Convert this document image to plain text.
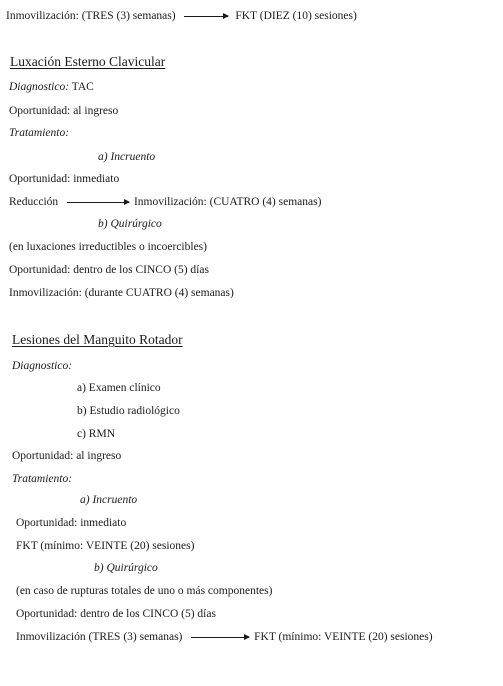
Inmovilización: (TRES (3) semanas)	FKT (DIEZ (10) sesiones)
Luxación Esterno Clavicular
Diagnostico: TAC
Oportunidad: al ingreso
Tratamiento:
a) Incruento
Oportunidad: inmediato
Reducción	Inmovilización: (CUATRO (4) semanas)
b) Quirúrgico
(en luxaciones irreductibles o incoercibles)
Oportunidad: dentro de los CINCO (5) días
Inmovilización: (durante CUATRO (4) semanas)
Lesiones del Manguito Rotador
Diagnostico:
a) Examen clínico
b) Estudio radiológico
c) RMN
Oportunidad: al ingreso
Tratamiento:
a) Incruento
Oportunidad: inmediato
FKT (mínimo: VEINTE (20) sesiones)
b) Quirúrgico
(en caso de rupturas totales de uno o más componentes)
Oportunidad: dentro de los CINCO (5) días
Inmovilización (TRES (3) semanas)	FKT (mínimo: VEINTE (20) sesiones)
